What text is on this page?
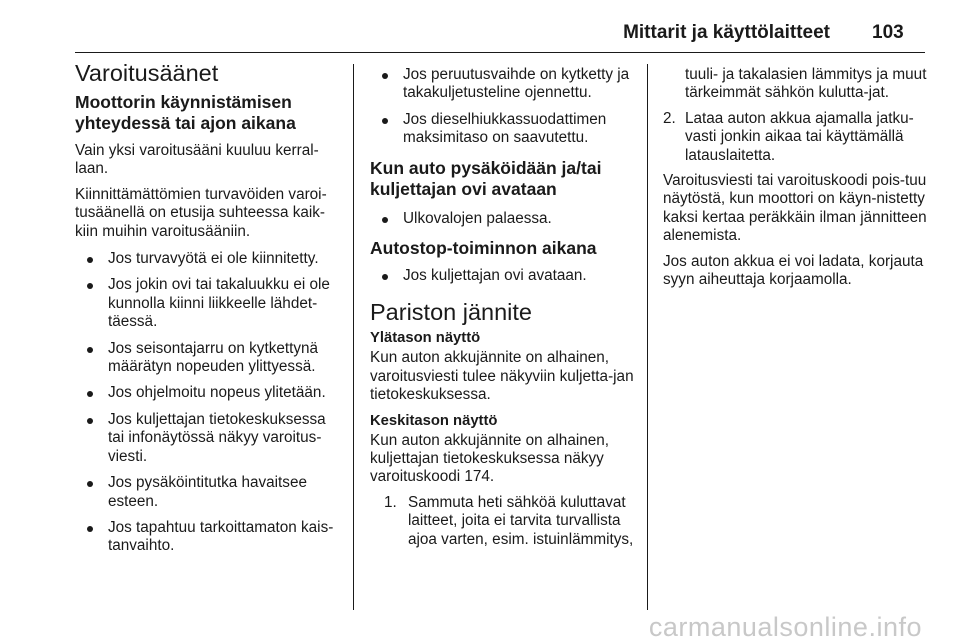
Mittarit ja käyttölaitteet 103
Varoitusäänet
Moottorin käynnistämisen yhteydessä tai ajon aikana

Vain yksi varoitusääni kuuluu kerral-laan.

Kiinnittämättömien turvavöiden varoi-tusäänellä on etusija suhteessa kaik-kiin muihin varoitusääniin.

Jos turvavyötä ei ole kiinnitetty.
Jos jokin ovi tai takaluukku ei ole kunnolla kiinni liikkeelle lähdet-täessä.
Jos seisontajarru on kytkettynä määrätyn nopeuden ylittyessä.
Jos ohjelmoitu nopeus ylitetään.
Jos kuljettajan tietokeskuksessa tai infonäytössä näkyy varoitus-viesti.
Jos pysäköintitutka havaitsee esteen.
Jos tapahtuu tarkoittamaton kais-tanvaihto.
Jos peruutusvaihde on kytketty ja takakuljetusteline ojennettu.
Jos dieselhiukkassuodattimen maksimitaso on saavutettu.
Kun auto pysäköidään ja/tai kuljettajan ovi avataan
Ulkovalojen palaessa.
Autostop-toiminnon aikana
Jos kuljettajan ovi avataan.
Pariston jännite
Ylätason näyttö

Kun auton akkujännite on alhainen, varoitusviesti tulee näkyviin kuljetta-jan tietokeskuksessa.

Keskitason näyttö

Kun auton akkujännite on alhainen, kuljettajan tietokeskuksessa näkyy varoituskoodi 174.

1. Sammuta heti sähköä kuluttavat laitteet, joita ei tarvita turvallista ajoa varten, esim. istuinlämmitys,

tuuli- ja takalasien lämmitys ja muut tärkeimmät sähkön kulutta-jat.

2. Lataa auton akkua ajamalla jatku-vasti jonkin aikaa tai käyttämällä latauslaitetta.

Varoitusviesti tai varoituskoodi pois-tuu näytöstä, kun moottori on käyn-nistetty kaksi kertaa peräkkäin ilman jännitteen alenemista.

Jos auton akkua ei voi ladata, korjauta syyn aiheuttaja korjaamolla.

carmanualsonline.info
